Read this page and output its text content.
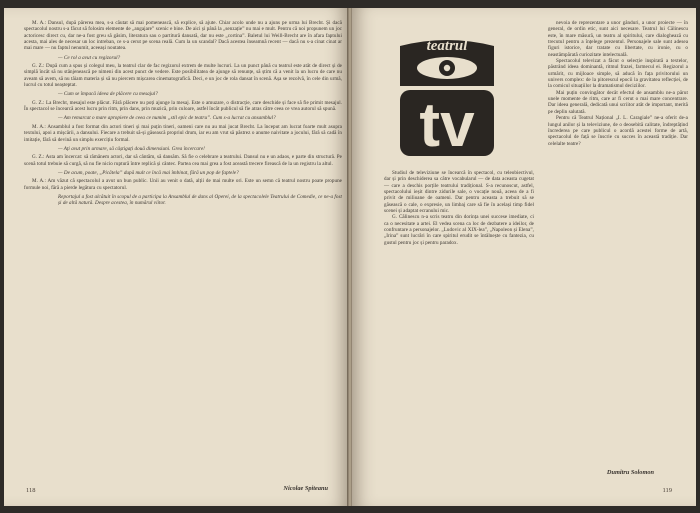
M. A.: Dansul, după părerea mea, s-a căutat să mai pomenească, să explice, să ajute. Chiar acolo unde nu a ajuns pe urma lui Brecht. Și dacă spectacolul nostru s-a făcut să folosim elemente de „angajare” scenic e bine. De aici și până la „senzație” nu mai e mult. Pentru că noi propunem un joc actoricesc direct cu, dar ne-a fost greu să găsim, literatura sau o partitură dansată, dar nu este „cortina”. Baletul lui Weill-Brecht are în afara faptului acesta, mai ales de necesar un loc intreban, ce s-a cerut pe scena reală. Cum la un scandal? Dacă acestea înseamnă recent — dacă nu s-a cinat cinat ar mai mare — nu faptul nenumit, aceeași noutatea.

— Ce rol a avut cu regizorul?

G. Z.: După cum a spus și colegul meu, la teatrul clar de fac regizorul extrem de multe lucruri. La un punct până cu teatrul este atât de direct și de simplă încât să nu stânjenească pe nimeni din acest punct de vedere. Este posibilitatea de ajunge să renunțe, să știm că a venit la un lucru de care nu aveam să avem, să nu tăiam materia și să nu piercem mișcarea cinematografică. Deci, e un joc de rola dansat în scenă. Așa se rezolvă, în cele din urmă, lucrul cu totul neașteptat.

— Cum se împacă ideea de plăcere cu mesajul?

G. Z.: La Brecht, mesajul este plăcut. Fără plăcere nu poți ajunge la mesaj. Este o amuzare, o distracție, care deschide și face să fie primit mesajul. În spectacol se încearcă acest lucru prin ritm, prin dans, prin muzică, prin culoare, astfel încât publicul să fie atras către ceea ce vrea autorul să spună.

— Am remarcat o mare apropiere de ceea ce numim „stil epic de teatru”. Cum s-a lucrat cu ansamblul?

M. A.: Ansamblul a fost format din actori tineri și mai puțin tineri, oameni care nu au mai jucat Brecht. La început am lucrat foarte mult asupra textului, apoi a mișcării, a dansului. Fiecare a trebuit să-și găsească propriul drum, iar eu am vrut să păstrez o anume naivitate a jocului, fără să cadă în imitație, fără să devină un simplu exercițiu formal.

— Ați avut prin urmare, să câștigați două dimensiuni. Grea încercare!

G. Z.: Asta am încercat: să rămânem actori, dar să cântăm, să dansăm. Să fie o celebrare a teatrului. Dansul nu e un adaos, e parte din structură. Pe scenă totul trebuie să curgă, să nu fie nicio ruptură între replică și cântec. Partea cea mai grea a fost această trecere firească de la un registru la altul.

— De acum, poate, „Picătela” după mult ce încă mai îmbinat, fără un pop de faptele?

M. A.: Am văzut că spectacolul a avut un bun public. Unii au venit o dată, alții de mai multe ori. Este un semn că teatrul nostru poate propune formule noi, fără a pierde legătura cu spectatorul.

Reportajul a fost alcătuit în scopul de a participa la Ansamblul de dans al Operei, de la spectacolele Teatrului de Comedie, ce ne-a fost și de altă natură. Despre acestea, în numărul viitor.

118	Nicolae Spiteanu
teatrul
tv

Studiul de televiziune se încearcă în spectacol, cu teleobiectivul, dar și prin deschiderea sa către vocabularul — de data aceasta cugetat — care a deschis porțile teatrului tradițional. S-a recunoscut, astfel, spectacolului ieșit dintre zidurile sale, o vocație nouă, aceea de a fi privit de milioane de oameni. Dar pentru aceasta a trebuit să se găsească o cale, o expresie, un limbaj care să fie în același timp fidel scenei și adaptat ecranului mic.

G. Călinescu n-a scris teatru din dorința unei succese imediate, ci ca o necesitate a artei. El vedea scena ca loc de dezbatere a ideilor, de confruntare a personajelor. „Ludovic al XIX-lea”, „Napoleon și Elena”, „Irina” sunt lucrări în care spiritul erudit se întâlnește cu fantezia, cu gustul pentru joc și pentru paradox.

nevoia de reprezentare a unor gânduri, a unor proiecte — în general, de ordin etic, sunt aici necesare. Teatrul lui Călinescu este, în mare măsură, un teatru al spiritului, care dialoghează cu trecutul pentru a înțelege prezentul. Personajele sale sunt adesea figuri istorice, dar tratate cu libertate, cu ironie, cu o neastâmpărată curiozitate intelectuală.

Spectacolul televizat a făcut o selecție inspirată a textelor, păstrând ideea dominantă, ritmul frazei, farmecul ei. Regizorul a urmărit, cu mijloace simple, să aducă în fața privitorului un univers complex: de la pitorescul epocii la gravitatea reflecției, de la comicul situațiilor la dramatismul deciziilor.

Mai puțin convingător decât efectul de ansamblu ne-a părut unele momente de ritm, care ar fi cerut o mai mare concentrare. Dar ideea generală, dedicată unui scriitor atât de important, merită pe deplin salutată.

Pentru că Teatrul Național „I. L. Caragiale” ne-a oferit de-a lungul anilor și la televiziune, de o deosebită calitate, îndreptățind încrederea pe care publicul o acordă acestei forme de artă, spectacolul de față se înscrie cu succes în această tradiție. Dar celelalte teatre?

119
Dumitru Solomon
